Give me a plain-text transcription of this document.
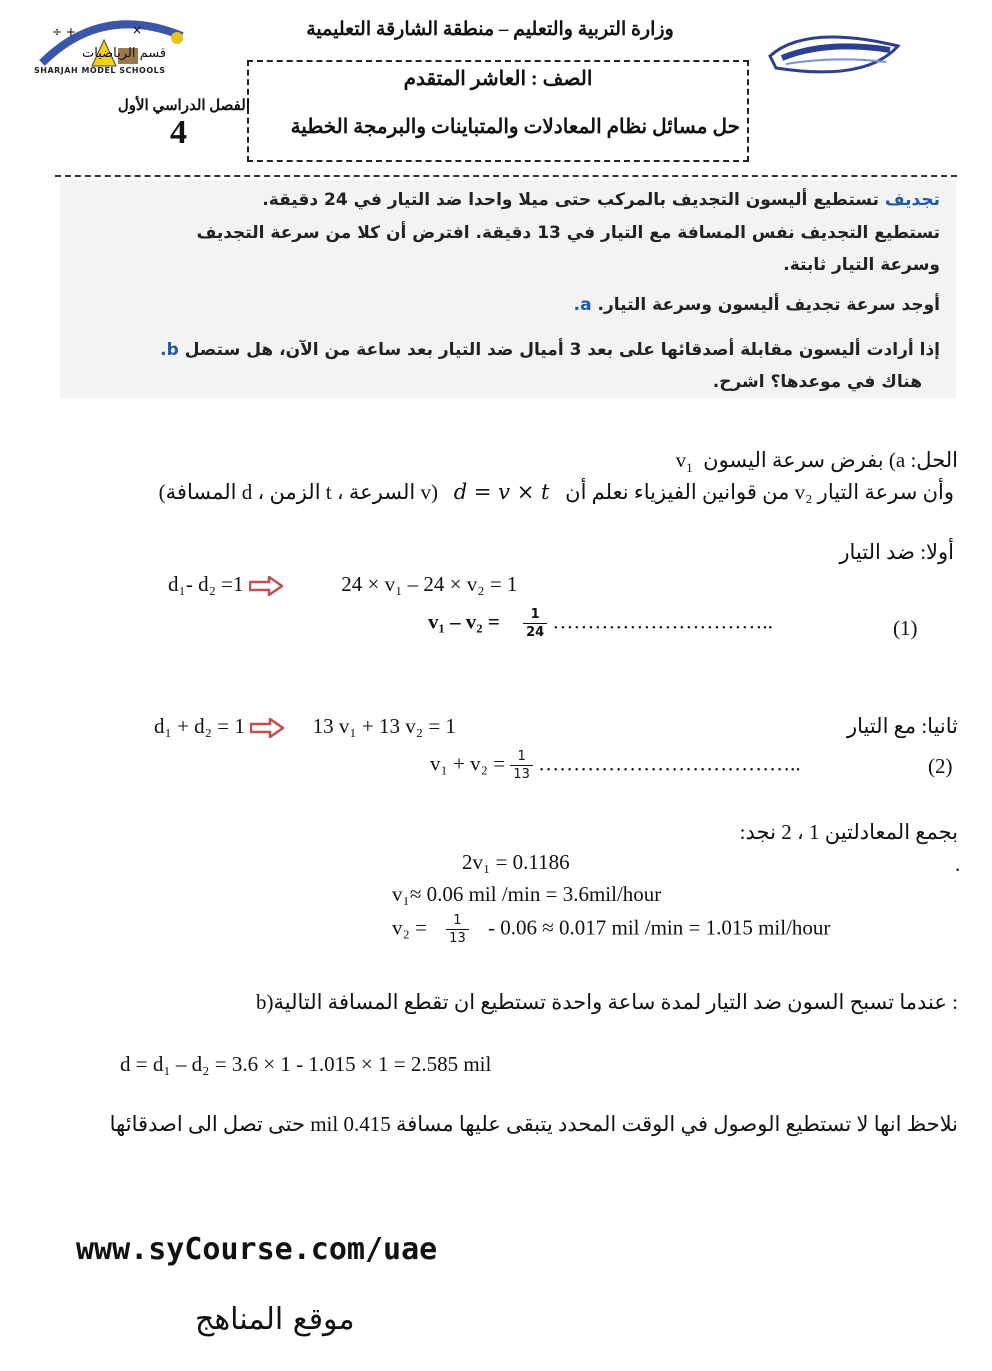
÷ +	×
قسم الرياضيات
SHARJAH MODEL SCHOOLS
وزارة التربية والتعليم – منطقة الشارقة التعليمية
الصف : العاشر المتقدم
حل مسائل نظام المعادلات والمتباينات والبرمجة الخطية
الفصل الدراسي الأول
4
تجديف تستطيع أليسون التجديف بالمركب حتى ميلا واحدا ضد التيار في 24 دقيقة.
تستطيع التجديف نفس المسافة مع التيار في 13 دقيقة. افترض أن كلا من سرعة التجديف
وسرعة التيار ثابتة.
أوجد سرعة تجديف أليسون وسرعة التيار. a.
إذا أرادت أليسون مقابلة أصدقائها على بعد 3 أميال ضد التيار بعد ساعة من الآن، هل ستصل b.
هناك في موعدها؟ اشرح.
الحل: a) بفرض سرعة اليسون  $v_1$
وأن سرعة التيار v₂ من قوانين الفيزياء نعلم أن   d = v × t   (v السرعة ، t الزمن ، d المسافة)
أولا: ضد التيار
d₁- d₂ =1	24 × v₁ – 24 × v₂ = 1
$v_1 - v_2 = \frac{1}{24}$ …………………………..	(1)
d₁ + d₂ = 1	13 v₁ + 13 v₂ = 1	ثانيا: مع التيار
$v_1 + v_2 = \frac{1}{13}$ ………………………………..	(2)
بجمع المعادلتين 1 ، 2 نجد:
2v₁ = 0.1186	.
v₁≈ 0.06 mil /min = 3.6mil/hour
$v_2 = \frac{1}{13} - 0.06 \approx 0.017$ mil /min = 1.015 mil/hour
b)عندما تسبح السون ضد التيار لمدة ساعة واحدة تستطيع ان تقطع المسافة التالية :
d = d₁ – d₂ = 3.6 × 1 - 1.015 × 1 = 2.585 mil
نلاحظ انها لا تستطيع الوصول في الوقت المحدد يتبقى عليها مسافة 0.415 mil حتى تصل الى اصدقائها
www.syCourse.com/uae
موقع المناهج
